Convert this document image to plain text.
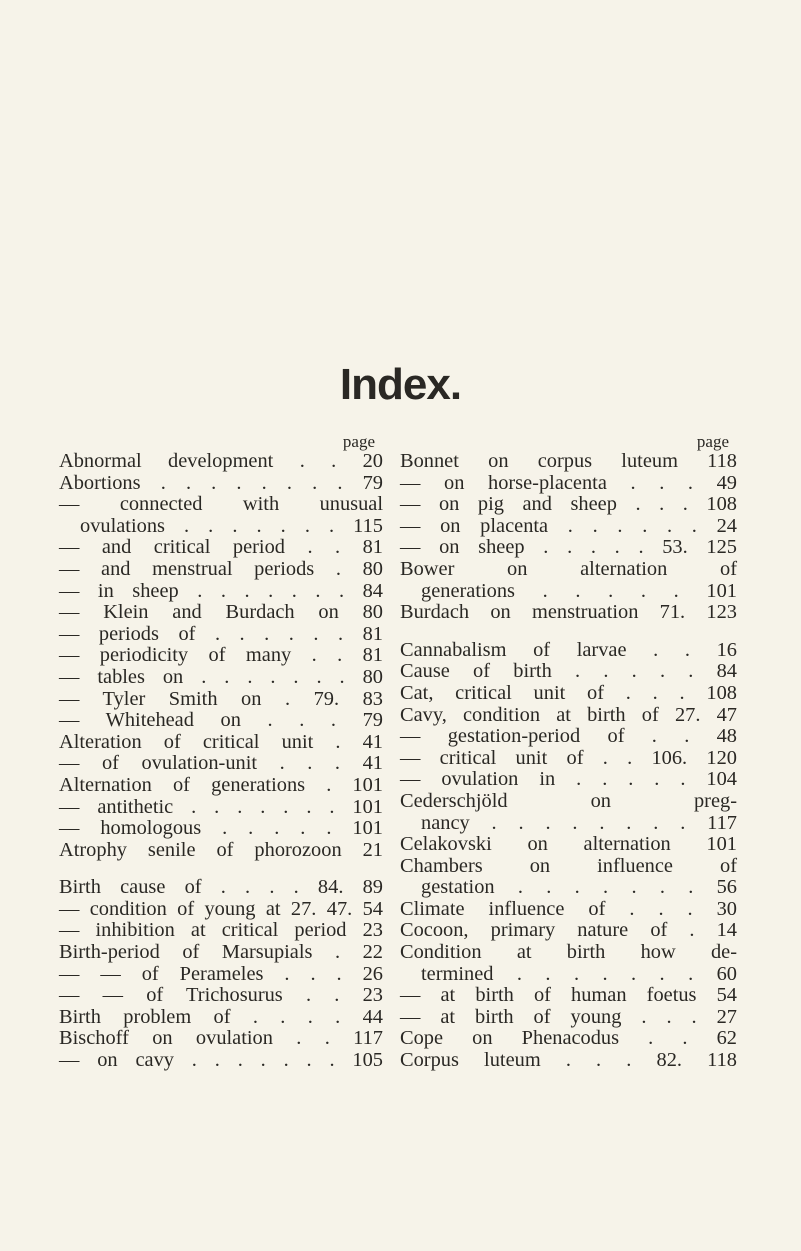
Index.
page
Abnormal development . . 20
Abortions . . . . . . . . 79
— connected with unusual
ovulations . . . . . . . 115
— and critical period . . 81
— and menstrual periods . 80
— in sheep . . . . . . . 84
— Klein and Burdach on 80
— periods of . . . . . . 81
— periodicity of many . . 81
— tables on . . . . . . . 80
— Tyler Smith on . 79. 83
— Whitehead on . . . 79
Alteration of critical unit . 41
— of ovulation-unit . . . 41
Alternation of generations . 101
— antithetic . . . . . . . 101
— homologous . . . . . 101
Atrophy senile of phorozoon 21
Birth cause of . . . . 84. 89
— condition of young at 27. 47. 54
— inhibition at critical period 23
Birth-period of Marsupials . 22
— — of Perameles . . . 26
— — of Trichosurus . . 23
Birth problem of . . . . 44
Bischoff on ovulation . . 117
— on cavy . . . . . . . 105
page
Bonnet on corpus luteum 118
— on horse-placenta . . . 49
— on pig and sheep . . . 108
— on placenta . . . . . . 24
— on sheep . . . . . 53. 125
Bower on alternation of
generations . . . . . 101
Burdach on menstruation 71. 123
Cannabalism of larvae . . 16
Cause of birth . . . . . 84
Cat, critical unit of . . . 108
Cavy, condition at birth of 27. 47
— gestation-period of . . 48
— critical unit of . . 106. 120
— ovulation in . . . . . 104
Cederschjöld on preg-
nancy . . . . . . . . 117
Celakovski on alternation 101
Chambers on influence of
gestation . . . . . . . 56
Climate influence of . . . 30
Cocoon, primary nature of . 14
Condition at birth how de-
termined . . . . . . . 60
— at birth of human foetus 54
— at birth of young . . . 27
Cope on Phenacodus . . 62
Corpus luteum . . . 82. 118
